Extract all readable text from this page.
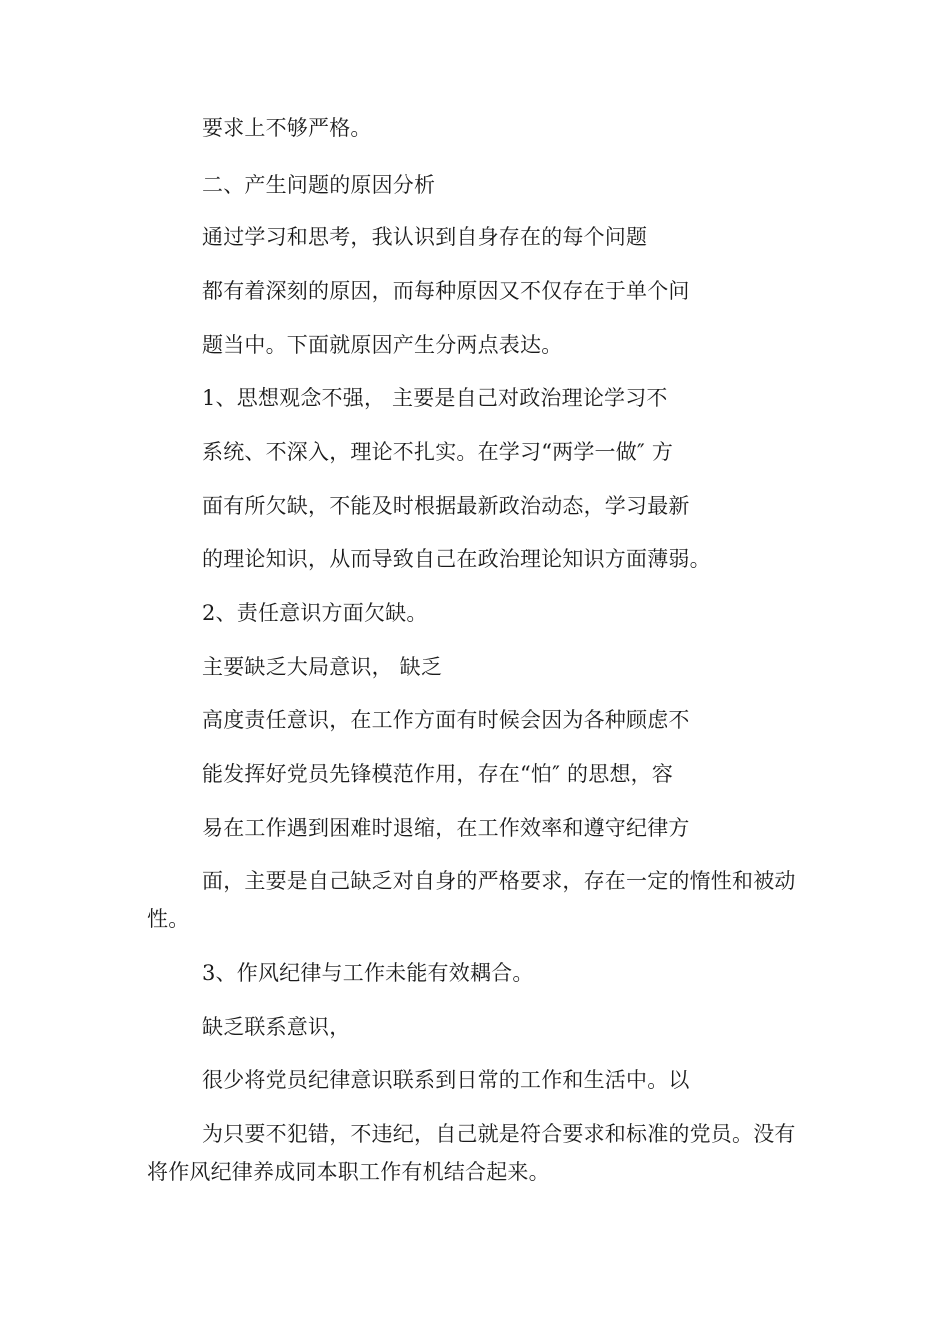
要求上不够严格。
二、产生问题的原因分析
通过学习和思考，我认识到自身存在的每个问题
都有着深刻的原因，而每种原因又不仅存在于单个问
题当中。下面就原因产生分两点表达。
1、思想观念不强， 主要是自己对政治理论学习不
系统、不深入，理论不扎实。在学习“两学一做″ 方
面有所欠缺，不能及时根据最新政治动态，学习最新
的理论知识，从而导致自己在政治理论知识方面薄弱。
2、责任意识方面欠缺。
主要缺乏大局意识， 缺乏
高度责任意识，在工作方面有时候会因为各种顾虑不
能发挥好党员先锋模范作用，存在“怕″ 的思想，容
易在工作遇到困难时退缩，在工作效率和遵守纪律方
面，主要是自己缺乏对自身的严格要求，存在一定的惰性和被动
性。
3、作风纪律与工作未能有效耦合。
缺乏联系意识，
很少将党员纪律意识联系到日常的工作和生活中。以
为只要不犯错，不违纪，自己就是符合要求和标准的党员。没有
将作风纪律养成同本职工作有机结合起来。
